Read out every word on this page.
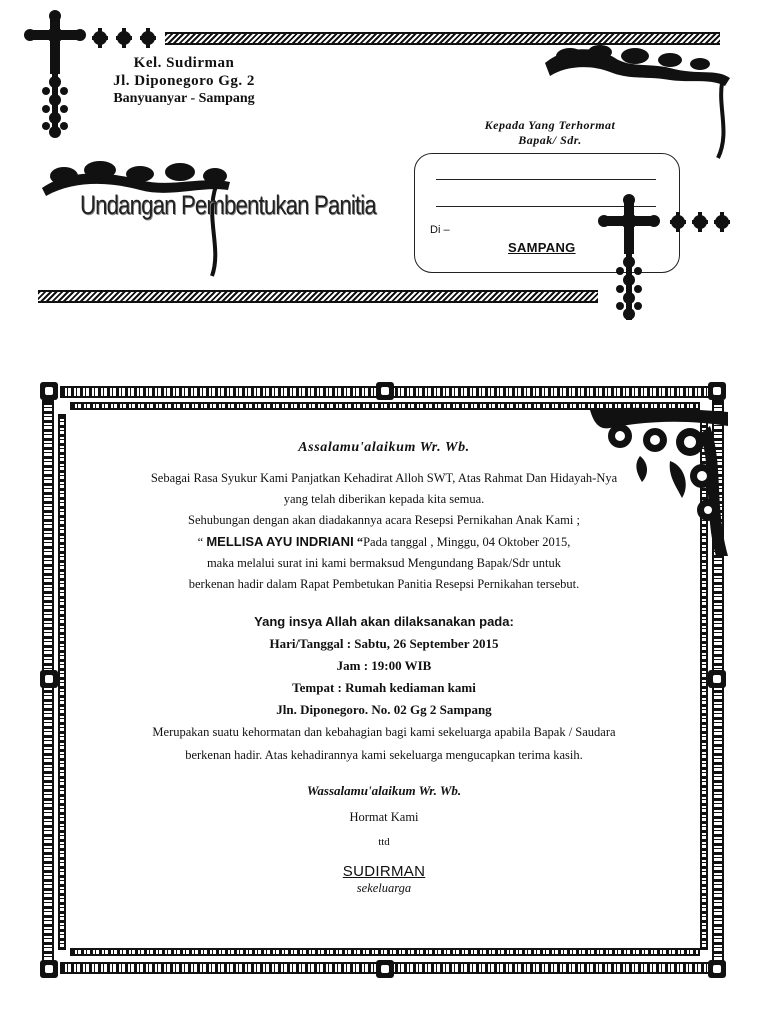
Kel. Sudirman
Jl. Diponegoro Gg. 2
Banyuanyar - Sampang
Undangan Pembentukan Panitia
Kepada Yang Terhormat
Bapak/ Sdr.
Di –
SAMPANG
Assalamu'alaikum Wr. Wb.
Sebagai Rasa Syukur Kami Panjatkan Kehadirat Alloh SWT, Atas Rahmat Dan Hidayah-Nya
yang telah diberikan kepada kita semua.
Sehubungan dengan akan diadakannya acara Resepsi Pernikahan Anak Kami ;
“ MELLISA AYU INDRIANI “Pada tanggal , Minggu, 04 Oktober 2015,
maka melalui surat ini kami bermaksud Mengundang Bapak/Sdr untuk
berkenan hadir dalam Rapat Pembetukan Panitia Resepsi Pernikahan tersebut.
Yang insya Allah akan dilaksanakan pada:
Hari/Tanggal : Sabtu, 26 September 2015
Jam : 19:00 WIB
Tempat : Rumah kediaman kami
Jln. Diponegoro. No. 02 Gg 2 Sampang
Merupakan suatu kehormatan dan kebahagian bagi kami sekeluarga apabila Bapak / Saudara
berkenan hadir. Atas kehadirannya kami sekeluarga mengucapkan terima kasih.
Wassalamu'alaikum Wr. Wb.
Hormat Kami
ttd
SUDIRMAN
sekeluarga
